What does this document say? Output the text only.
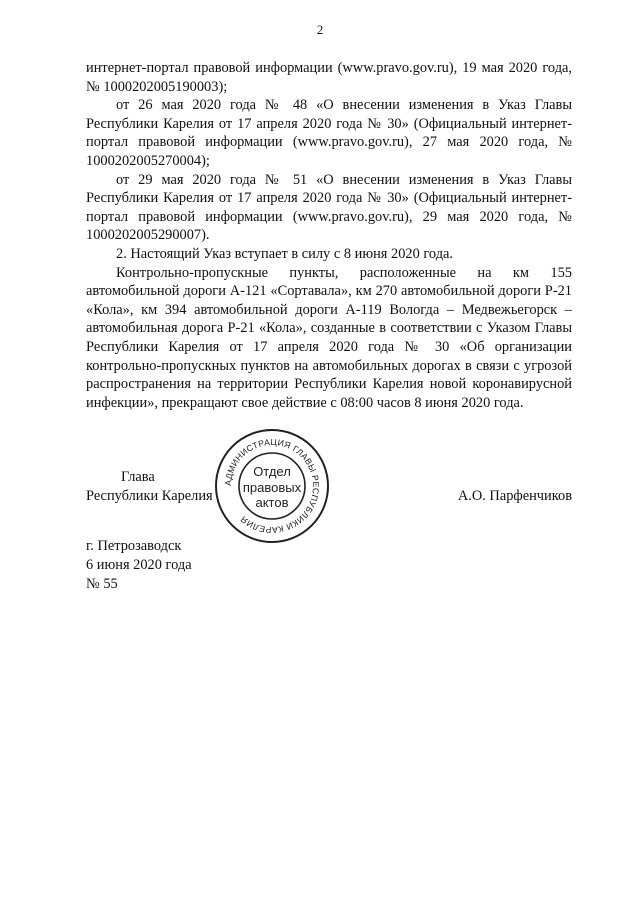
2

интернет-портал правовой информации (www.pravo.gov.ru), 19 мая 2020 года, № 1000202005190003);

от 26 мая 2020 года № 48 «О внесении изменения в Указ Главы Республики Карелия от 17 апреля 2020 года № 30» (Официальный интернет-портал правовой информации (www.pravo.gov.ru), 27 мая 2020 года, № 1000202005270004);

от 29 мая 2020 года № 51 «О внесении изменения в Указ Главы Республики Карелия от 17 апреля 2020 года № 30» (Официальный интернет-портал правовой информации (www.pravo.gov.ru), 29 мая 2020 года, № 1000202005290007).

2. Настоящий Указ вступает в силу с 8 июня 2020 года.

Контрольно-пропускные пункты, расположенные на км 155 автомобильной дороги А-121 «Сортавала», км 270 автомобильной дороги Р-21 «Кола», км 394 автомобильной дороги А-119 Вологда – Медвежьегорск – автомобильная дорога Р-21 «Кола», созданные в соответствии с Указом Главы Республики Карелия от 17 апреля 2020 года № 30 «Об организации контрольно-пропускных пунктов на автомобильных дорогах в связи с угрозой распространения на территории Республики Карелия новой коронавирусной инфекции», прекращают свое действие с 08:00 часов 8 июня 2020 года.

Глава
Республики Карелия
АДМИНИСТРАЦИЯ ГЛАВЫ РЕСПУБЛИКИ КАРЕЛИЯ
Отдел
правовых
актов	А.О. Парфенчиков
г. Петрозаводск
6 июня 2020 года
№ 55
